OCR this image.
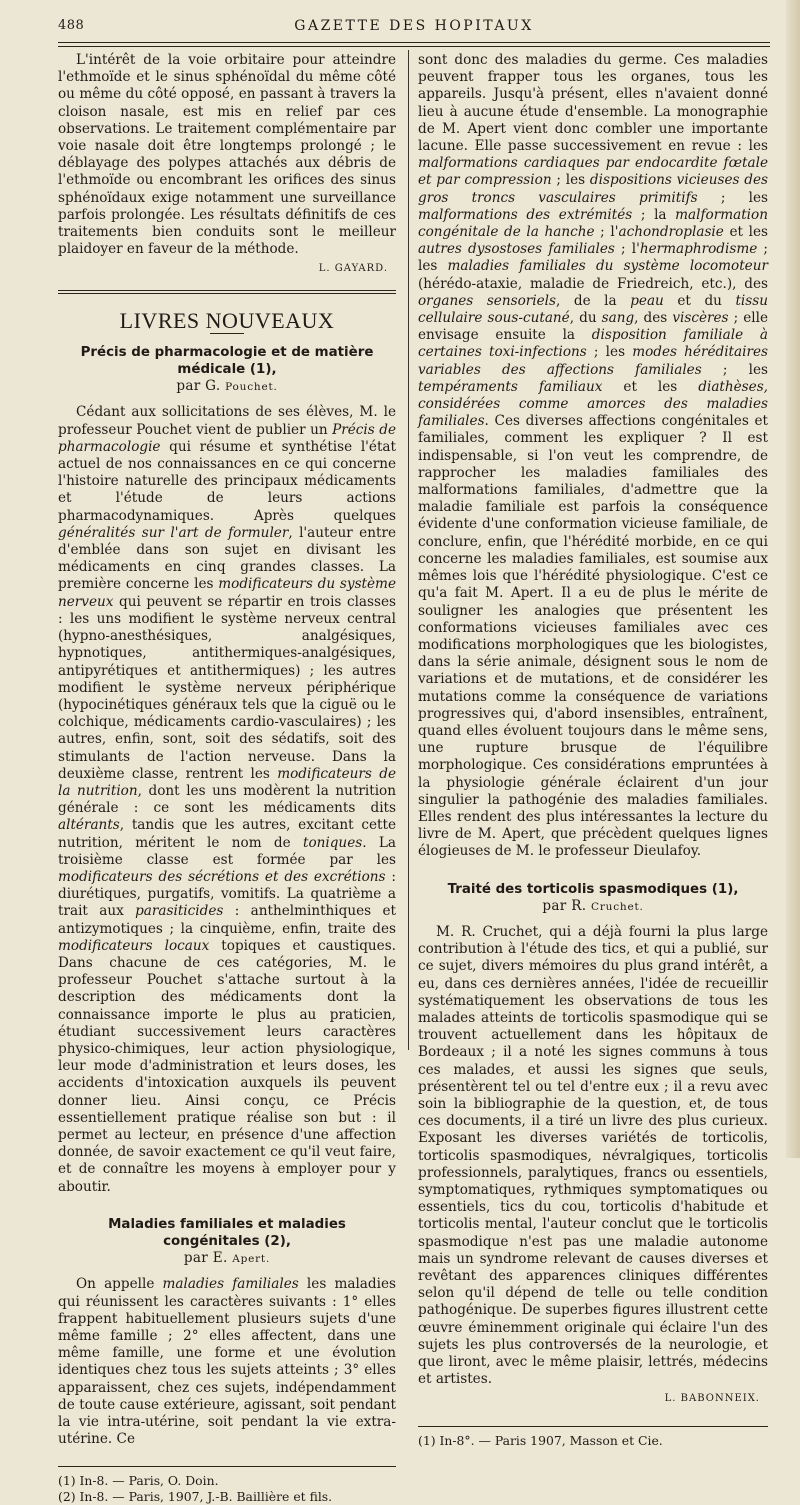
488	GAZETTE DES HOPITAUX

L'intérêt de la voie orbitaire pour atteindre l'ethmoïde et le sinus sphénoïdal du même côté ou même du côté opposé, en passant à travers la cloison nasale, est mis en relief par ces observations. Le traitement complémentaire par voie nasale doit être longtemps prolongé ; le déblayage des polypes attachés aux débris de l'ethmoïde ou encombrant les orifices des sinus sphénoïdaux exige notamment une surveillance parfois prolongée. Les résultats définitifs de ces traitements bien conduits sont le meilleur plaidoyer en faveur de la méthode.

L. GAYARD.
LIVRES NOUVEAUX
Précis de pharmacologie et de matière médicale (1),
par G. Pouchet.

Cédant aux sollicitations de ses élèves, M. le professeur Pouchet vient de publier un Précis de pharmacologie qui résume et synthétise l'état actuel de nos connaissances en ce qui concerne l'histoire naturelle des principaux médicaments et l'étude de leurs actions pharmacodynamiques. Après quelques généralités sur l'art de formuler, l'auteur entre d'emblée dans son sujet en divisant les médicaments en cinq grandes classes. La première concerne les modificateurs du système nerveux qui peuvent se répartir en trois classes : les uns modifient le système nerveux central (hypno-anesthésiques, analgésiques, hypnotiques, antithermiques-analgésiques, antipyrétiques et antithermiques) ; les autres modifient le système nerveux périphérique (hypocinétiques généraux tels que la ciguë ou le colchique, médicaments cardio-vasculaires) ; les autres, enfin, sont, soit des sédatifs, soit des stimulants de l'action nerveuse. Dans la deuxième classe, rentrent les modificateurs de la nutrition, dont les uns modèrent la nutrition générale : ce sont les médicaments dits altérants, tandis que les autres, excitant cette nutrition, méritent le nom de toniques. La troisième classe est formée par les modificateurs des sécrétions et des excrétions : diurétiques, purgatifs, vomitifs. La quatrième a trait aux parasiticides : anthelminthiques et antizymotiques ; la cinquième, enfin, traite des modificateurs locaux topiques et caustiques. Dans chacune de ces catégories, M. le professeur Pouchet s'attache surtout à la description des médicaments dont la connaissance importe le plus au praticien, étudiant successivement leurs caractères physico-chimiques, leur action physiologique, leur mode d'administration et leurs doses, les accidents d'intoxication auxquels ils peuvent donner lieu. Ainsi conçu, ce Précis essentiellement pratique réalise son but : il permet au lecteur, en présence d'une affection donnée, de savoir exactement ce qu'il veut faire, et de connaître les moyens à employer pour y aboutir.

Maladies familiales et maladies congénitales (2),
par E. Apert.

On appelle maladies familiales les maladies qui réunissent les caractères suivants : 1° elles frappent habituellement plusieurs sujets d'une même famille ; 2° elles affectent, dans une même famille, une forme et une évolution identiques chez tous les sujets atteints ; 3° elles apparaissent, chez ces sujets, indépendamment de toute cause extérieure, agissant, soit pendant la vie intra-utérine, soit pendant la vie extra-utérine. Ce

(1) In-8. — Paris, O. Doin.

(2) In-8. — Paris, 1907, J.-B. Baillière et fils.

sont donc des maladies du germe. Ces maladies peuvent frapper tous les organes, tous les appareils. Jusqu'à présent, elles n'avaient donné lieu à aucune étude d'ensemble. La monographie de M. Apert vient donc combler une importante lacune. Elle passe successivement en revue : les malformations cardiaques par endocardite fœtale et par compression ; les dispositions vicieuses des gros troncs vasculaires primitifs ; les malformations des extrémités ; la malformation congénitale de la hanche ; l'achondroplasie et les autres dysostoses familiales ; l'hermaphrodisme ; les maladies familiales du système locomoteur (hérédo-ataxie, maladie de Friedreich, etc.), des organes sensoriels, de la peau et du tissu cellulaire sous-cutané, du sang, des viscères ; elle envisage ensuite la disposition familiale à certaines toxi-infections ; les modes héréditaires variables des affections familiales ; les tempéraments familiaux et les diathèses, considérées comme amorces des maladies familiales. Ces diverses affections congénitales et familiales, comment les expliquer ? Il est indispensable, si l'on veut les comprendre, de rapprocher les maladies familiales des malformations familiales, d'admettre que la maladie familiale est parfois la conséquence évidente d'une conformation vicieuse familiale, de conclure, enfin, que l'hérédité morbide, en ce qui concerne les maladies familiales, est soumise aux mêmes lois que l'hérédité physiologique. C'est ce qu'a fait M. Apert. Il a eu de plus le mérite de souligner les analogies que présentent les conformations vicieuses familiales avec ces modifications morphologiques que les biologistes, dans la série animale, désignent sous le nom de variations et de mutations, et de considérer les mutations comme la conséquence de variations progressives qui, d'abord insensibles, entraînent, quand elles évoluent toujours dans le même sens, une rupture brusque de l'équilibre morphologique. Ces considérations empruntées à la physiologie générale éclairent d'un jour singulier la pathogénie des maladies familiales. Elles rendent des plus intéressantes la lecture du livre de M. Apert, que précèdent quelques lignes élogieuses de M. le professeur Dieulafoy.

Traité des torticolis spasmodiques (1),
par R. Cruchet.

M. R. Cruchet, qui a déjà fourni la plus large contribution à l'étude des tics, et qui a publié, sur ce sujet, divers mémoires du plus grand intérêt, a eu, dans ces dernières années, l'idée de recueillir systématiquement les observations de tous les malades atteints de torticolis spasmodique qui se trouvent actuellement dans les hôpitaux de Bordeaux ; il a noté les signes communs à tous ces malades, et aussi les signes que seuls, présentèrent tel ou tel d'entre eux ; il a revu avec soin la bibliographie de la question, et, de tous ces documents, il a tiré un livre des plus curieux. Exposant les diverses variétés de torticolis, torticolis spasmodiques, névralgiques, torticolis professionnels, paralytiques, francs ou essentiels, symptomatiques, rythmiques symptomatiques ou essentiels, tics du cou, torticolis d'habitude et torticolis mental, l'auteur conclut que le torticolis spasmodique n'est pas une maladie autonome mais un syndrome relevant de causes diverses et revêtant des apparences cliniques différentes selon qu'il dépend de telle ou telle condition pathogénique. De superbes figures illustrent cette œuvre éminemment originale qui éclaire l'un des sujets les plus controversés de la neurologie, et que liront, avec le même plaisir, lettrés, médecins et artistes.

L. BABONNEIX.

(1) In-8°. — Paris 1907, Masson et Cie.
